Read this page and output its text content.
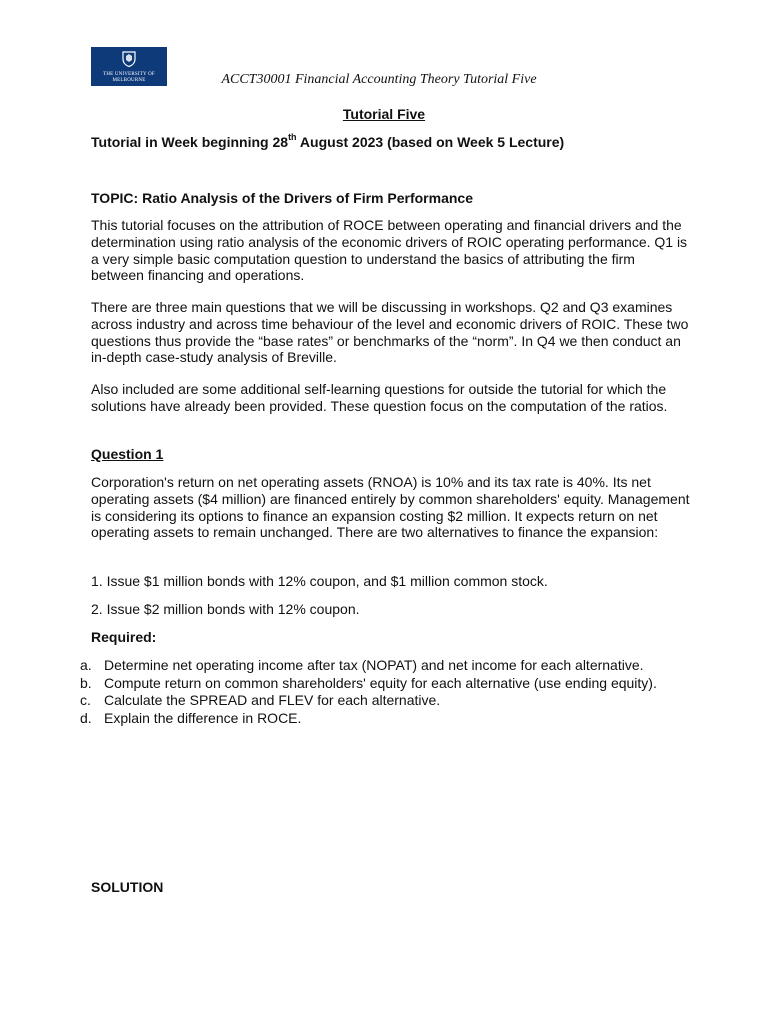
THE UNIVERSITY OF
MELBOURNE	ACCT30001 Financial Accounting Theory Tutorial Five

Tutorial Five

Tutorial in Week beginning 28th August 2023 (based on Week 5 Lecture)

TOPIC: Ratio Analysis of the Drivers of Firm Performance

This tutorial focuses on the attribution of ROCE between operating and financial drivers and the determination using ratio analysis of the economic drivers of ROIC operating performance. Q1 is a very simple basic computation question to understand the basics of attributing the firm between financing and operations.

There are three main questions that we will be discussing in workshops. Q2 and Q3 examines across industry and across time behaviour of the level and economic drivers of ROIC. These two questions thus provide the “base rates” or benchmarks of the “norm”. In Q4 we then conduct an in-depth case-study analysis of Breville.

Also included are some additional self-learning questions for outside the tutorial for which the solutions have already been provided. These question focus on the computation of the ratios.

Question 1

Corporation's return on net operating assets (RNOA) is 10% and its tax rate is 40%. Its net operating assets ($4 million) are financed entirely by common shareholders' equity. Management is considering its options to finance an expansion costing $2 million. It expects return on net operating assets to remain unchanged. There are two alternatives to finance the expansion:

1. Issue $1 million bonds with 12% coupon, and $1 million common stock.

2. Issue $2 million bonds with 12% coupon.

Required:

a. Determine net operating income after tax (NOPAT) and net income for each alternative.
b. Compute return on common shareholders' equity for each alternative (use ending equity).
c. Calculate the SPREAD and FLEV for each alternative.
d. Explain the difference in ROCE.

SOLUTION
